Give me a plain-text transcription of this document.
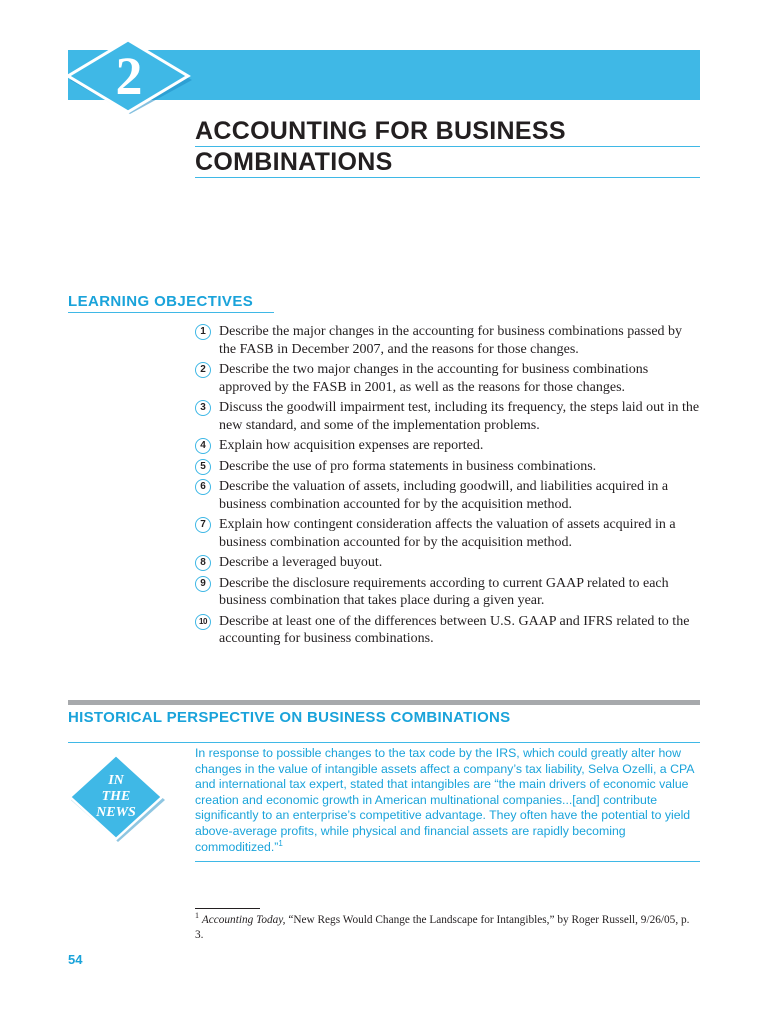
2
ACCOUNTING FOR BUSINESS COMBINATIONS
LEARNING OBJECTIVES
1 Describe the major changes in the accounting for business combinations passed by the FASB in December 2007, and the reasons for those changes.
2 Describe the two major changes in the accounting for business combinations approved by the FASB in 2001, as well as the reasons for those changes.
3 Discuss the goodwill impairment test, including its frequency, the steps laid out in the new standard, and some of the implementation problems.
4 Explain how acquisition expenses are reported.
5 Describe the use of pro forma statements in business combinations.
6 Describe the valuation of assets, including goodwill, and liabilities acquired in a business combination accounted for by the acquisition method.
7 Explain how contingent consideration affects the valuation of assets acquired in a business combination accounted for by the acquisition method.
8 Describe a leveraged buyout.
9 Describe the disclosure requirements according to current GAAP related to each business combination that takes place during a given year.
10 Describe at least one of the differences between U.S. GAAP and IFRS related to the accounting for business combinations.
HISTORICAL PERSPECTIVE ON BUSINESS COMBINATIONS
IN
THE
NEWS

In response to possible changes to the tax code by the IRS, which could greatly alter how changes in the value of intangible assets affect a company’s tax liability, Selva Ozelli, a CPA and international tax expert, stated that intangibles are “the main drivers of economic value creation and economic growth in American multinational companies...[and] contribute significantly to an enterprise’s competitive advantage. They often have the potential to yield above-average profits, while physical and financial assets are rapidly becoming commoditized.”$^1$

$^1$ Accounting Today, “New Regs Would Change the Landscape for Intangibles,” by Roger Russell, 9/26/05, p. 3.

54
